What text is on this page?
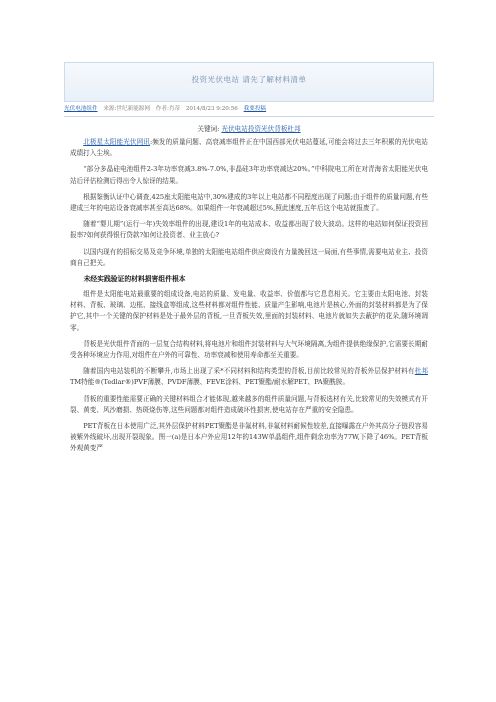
投资光伏电站 请先了解材料清单
光伏电池组件 来源:世纪新能源网 作者:肖蒂 2014/8/23 9:20:56 我要投稿
关键词: 光伏电站投资光伏背板杜邦

北极星太阳能光伏网讯:频发的质量问题、高衰减率组件正在中国西部光伏电站蔓延,可能会将过去三年积累的光伏电站成绩打入尘埃。

“部分多晶硅电池组件2-3年功率衰减3.8%-7.0%,非晶硅3年功率衰减达20%。”中科院电工所在对青海省太阳能光伏电站后评估检测后得出令人惊讶的结果。

根据鉴衡认证中心调查,425座太阳能电站中,30%建成的3年以上电站都不同程度出现了问题;由于组件的质量问题,有些建成三年的电站设备衰减率甚至高达68%。如果组件一年衰减超过5%,照此速度,五年后这个电站就报废了。

随着“婴儿期”(运行一年)失效率组件的出现,建设1年的电站成本、收益都出现了较大波动。这样的电站如何保证投资回报率?如何获得银行贷款?如何让投资者、业主放心?

以国内现有的招标交易及竞争环境,单独的太阳能电站组件供应商没有力量挽回这一局面,有些事情,需要电站业主、投资商自己把关。

未经实践验证的材料损害组件根本

组件是太阳能电站最重要的组成设备,电站的质量、发电量、收益率、价值都与它息息相关。它主要由太阳电池、封装材料、背板、玻璃、边框、接线盒等组成,这些材料都对组件性能、质量产生影响,电池片是核心,外面的封装材料都是为了保护它,其中一个关键的保护材料是处于最外层的背板,一旦背板失效,里面的封装材料、电池片就如失去蔽护的花朵,随环境凋零。

背板是光伏组件背面的一层复合结构材料,将电池片和组件封装材料与大气环境隔离,为组件提供绝缘保护,它需要长期耐受各种环境应力作用,对组件在户外的可靠性、功率衰减和使用寿命都至关重要。

随着国内电站装机的不断攀升,市场上出现了采*不同材料和结构类型的背板,目前比较常见的背板外层保护材料有杜邦TM特能®(Tedlar®)PVF薄膜、PVDF薄膜、FEVE涂料、PET聚酯/耐水解PET、PA聚酰胺。

背板的重要性能需要正确的关键材料组合才能体现,越来越多的组件质量问题,与背板选材有关,比较常见的失效模式有开裂、黄变、风沙磨损、热斑烧伤等,这些问题都对组件造成破坏性损害,使电站存在严重的安全隐患。

PET背板在日本使用广泛,其外层保护材料PET聚酯是非氟材料,非氟材料耐候性较差,直接曝露在户外其高分子链段容易被紫外线破坏,出现开裂现象。图一(a)是日本户外应用12年的143W单晶组件,组件剩余功率为77W,下降了46%。PET背板外观黄变严
